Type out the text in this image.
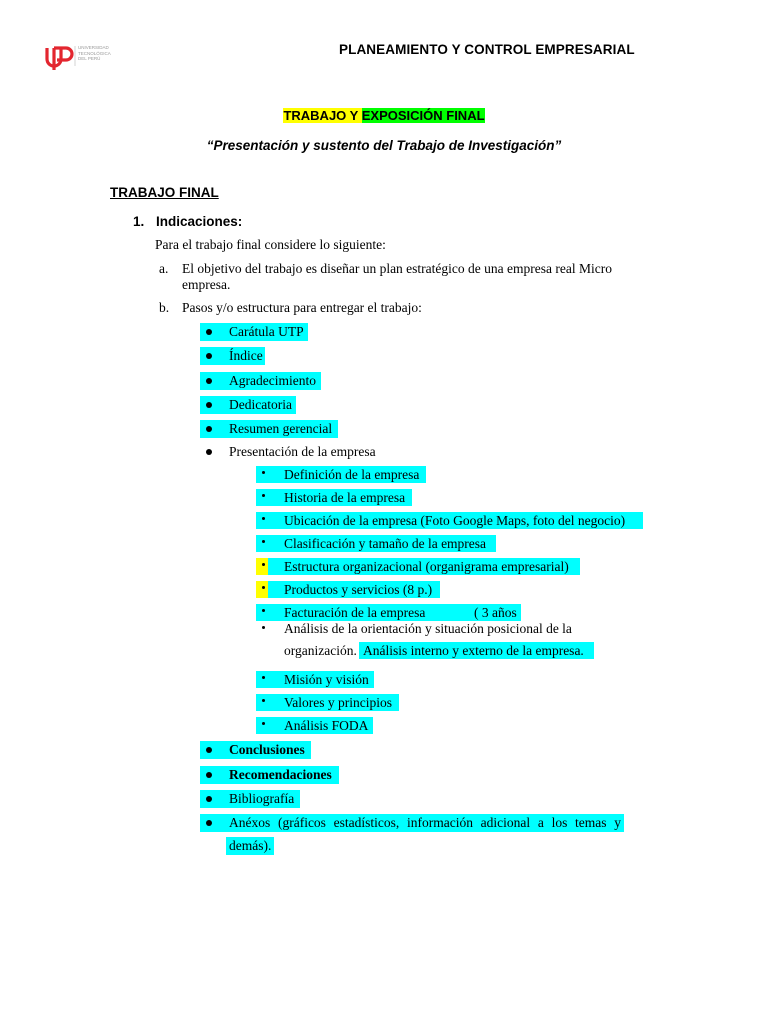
UNIVERSIDAD
TECNOLÓGICA
DEL PERÚ
PLANEAMIENTO Y CONTROL EMPRESARIAL
TRABAJO Y EXPOSICIÓN FINAL
“Presentación y sustento del Trabajo de Investigación”
TRABAJO FINAL
1. Indicaciones:
Para el trabajo final considere lo siguiente:
a. El objetivo del trabajo es diseñar un plan estratégico de una empresa real Micro
empresa.
b. Pasos y/o estructura para entregar el trabajo:
Carátula UTP
Índice
Agradecimiento
Dedicatoria
Resumen gerencial
Presentación de la empresa
Definición de la empresa
Historia de la empresa
Ubicación de la empresa (Foto Google Maps, foto del negocio)
Clasificación y tamaño de la empresa
Estructura organizacional (organigrama empresarial)
Productos y servicios (8 p.)
Facturación de la empresa	( 3 años
Análisis de la orientación y situación posicional de la
organización. Análisis interno y externo de la empresa.
Misión y visión
Valores y principios
Análisis FODA
Conclusiones
Recomendaciones
Bibliografía
Anéxos (gráficos estadísticos, información adicional a los temas y
demás).
